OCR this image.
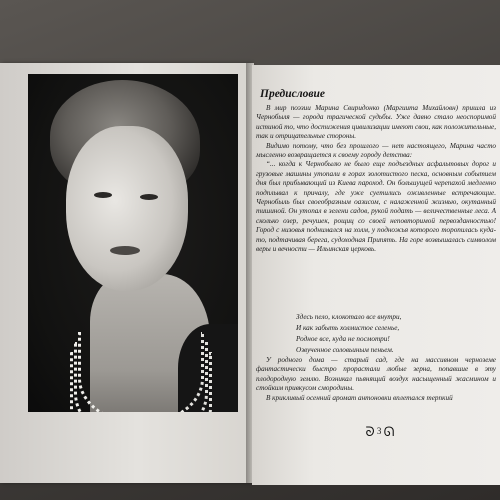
Предисловие

В мир поэзии Марина Свиридонко (Маргиита Михайловн) пришла из Чернобыля — города трагической судьбы. Уже давно стало неоспоримой истиной то, что достижения цивилизации имеют свои, как положительные, так и отрицательные стороны.

Видимо потому, что без прошлого — нет настоящего, Марина часто мысленно возвращается к своему городу детства:

“... когда к Чернобылю не было еще подъездных асфальтовых дорог и грузовые машины утопали в горах золотистого песка, основным событием дня был прибывающий из Киева пароход. Он большущей черепахой медленно подплывал к причалу, где уже суетились оживленные встречающие. Чернобыль был своеобразным оазисом, с налаженной жизнью, окутанный тишиной. Он утопал в зелени садов, рукой подать — величественные леса. А сколько озер, речушек, рощиц со своей неповторимой первозданностью! Город с низовья поднимался на холм, у подножья которого торопилась куда-то, подтачивая берега, судоходная Припять. На горе возвышалась символом веры и вечности — Ильинская церковь.

Здесь пело, клокотало все внутри,
И как забыть холмистое селенье,
Родное все, куда не посмотри!
Озвученное соловьиным пеньем.

У родного дома — старый сад, где на массивном черноземе фантастически быстро прорастали любые зерна, попавшие в эту плодородную землю. Возникал пьянящий воздух насыщенный жасмином и стойким привкусом смородины.

В крикливый осенний аромат антоновки вплетался терпкий

ᘐ 3 ᘏ
